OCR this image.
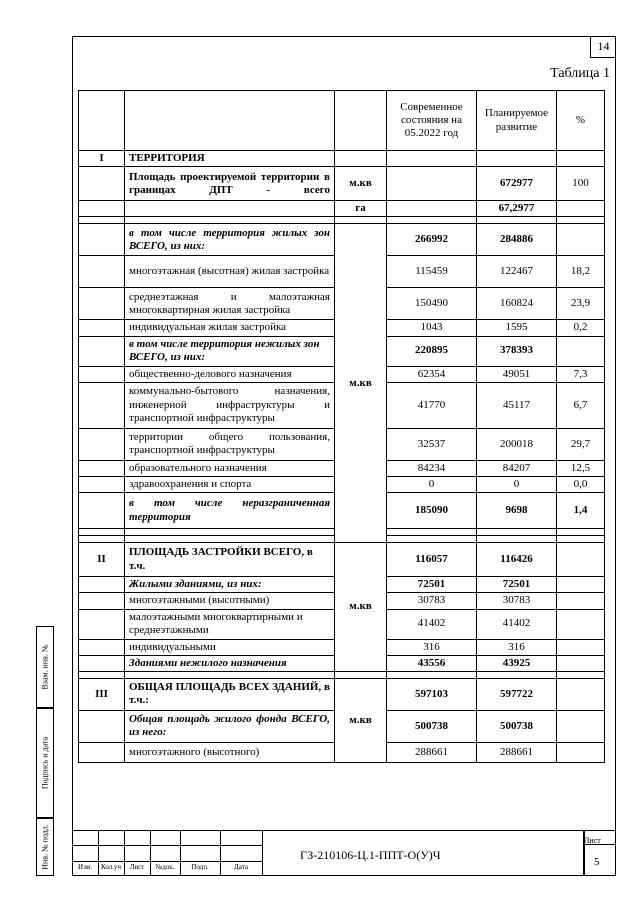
14
Таблица 1
			Современное состояния на 05.2022 год	Планируемое развитие	%
I	ТЕРРИТОРИЯ				
	Площадь проектируемой территории в границах ДПТ - всего	м.кв		672977	100
		га		67,2977	

	в том числе территория жилых зон ВСЕГО, из них:	м.кв	266992	284886	
	многоэтажная (высотная) жилая застройка		115459	122467	18,2
	среднеэтажная и малоэтажная многоквартирная жилая застройка		150490	160824	23,9
	индивидуальная жилая застройка		1043	1595	0,2
	в том числе территория нежилых зон ВСЕГО, из них:		220895	378393	
	общественно-делового назначения		62354	49051	7,3
	коммунально-бытового назначения, инженерной инфраструктуры и транспортной инфраструктуры		41770	45117	6,7
	территории общего пользования, транспортной инфраструктуры		32537	200018	29,7
	образовательного назначения		84234	84207	12,5
	здравоохранения и спорта		0	0	0,0
	в том числе неразграниченная территория		185090	9698	1,4

II	ПЛОЩАДЬ ЗАСТРОЙКИ ВСЕГО, в т.ч.	м.кв	116057	116426	
	Жилыми зданиями, из них:		72501	72501	
	многоэтажными (высотными)		30783	30783	
	малоэтажными многоквартирными и среднеэтажными		41402	41402	
	индивидуальными		316	316	
	Зданиями нежилого назначения		43556	43925	

III	ОБЩАЯ ПЛОЩАДЬ ВСЕХ ЗДАНИЙ, в т.ч.:	м.кв	597103	597722	
	Общая площадь жилого фонда ВСЕГО, из него:		500738	500738	
	многоэтажного (высотного)		288661	288661	
Изм.	Кол.уч	Лист	№док.	Подп.	Дата
ГЗ-210106-Ц.1-ППТ-О(У)Ч
Лист
5
Взам. инв. №
Подпись и дата
Инв. № подл.
